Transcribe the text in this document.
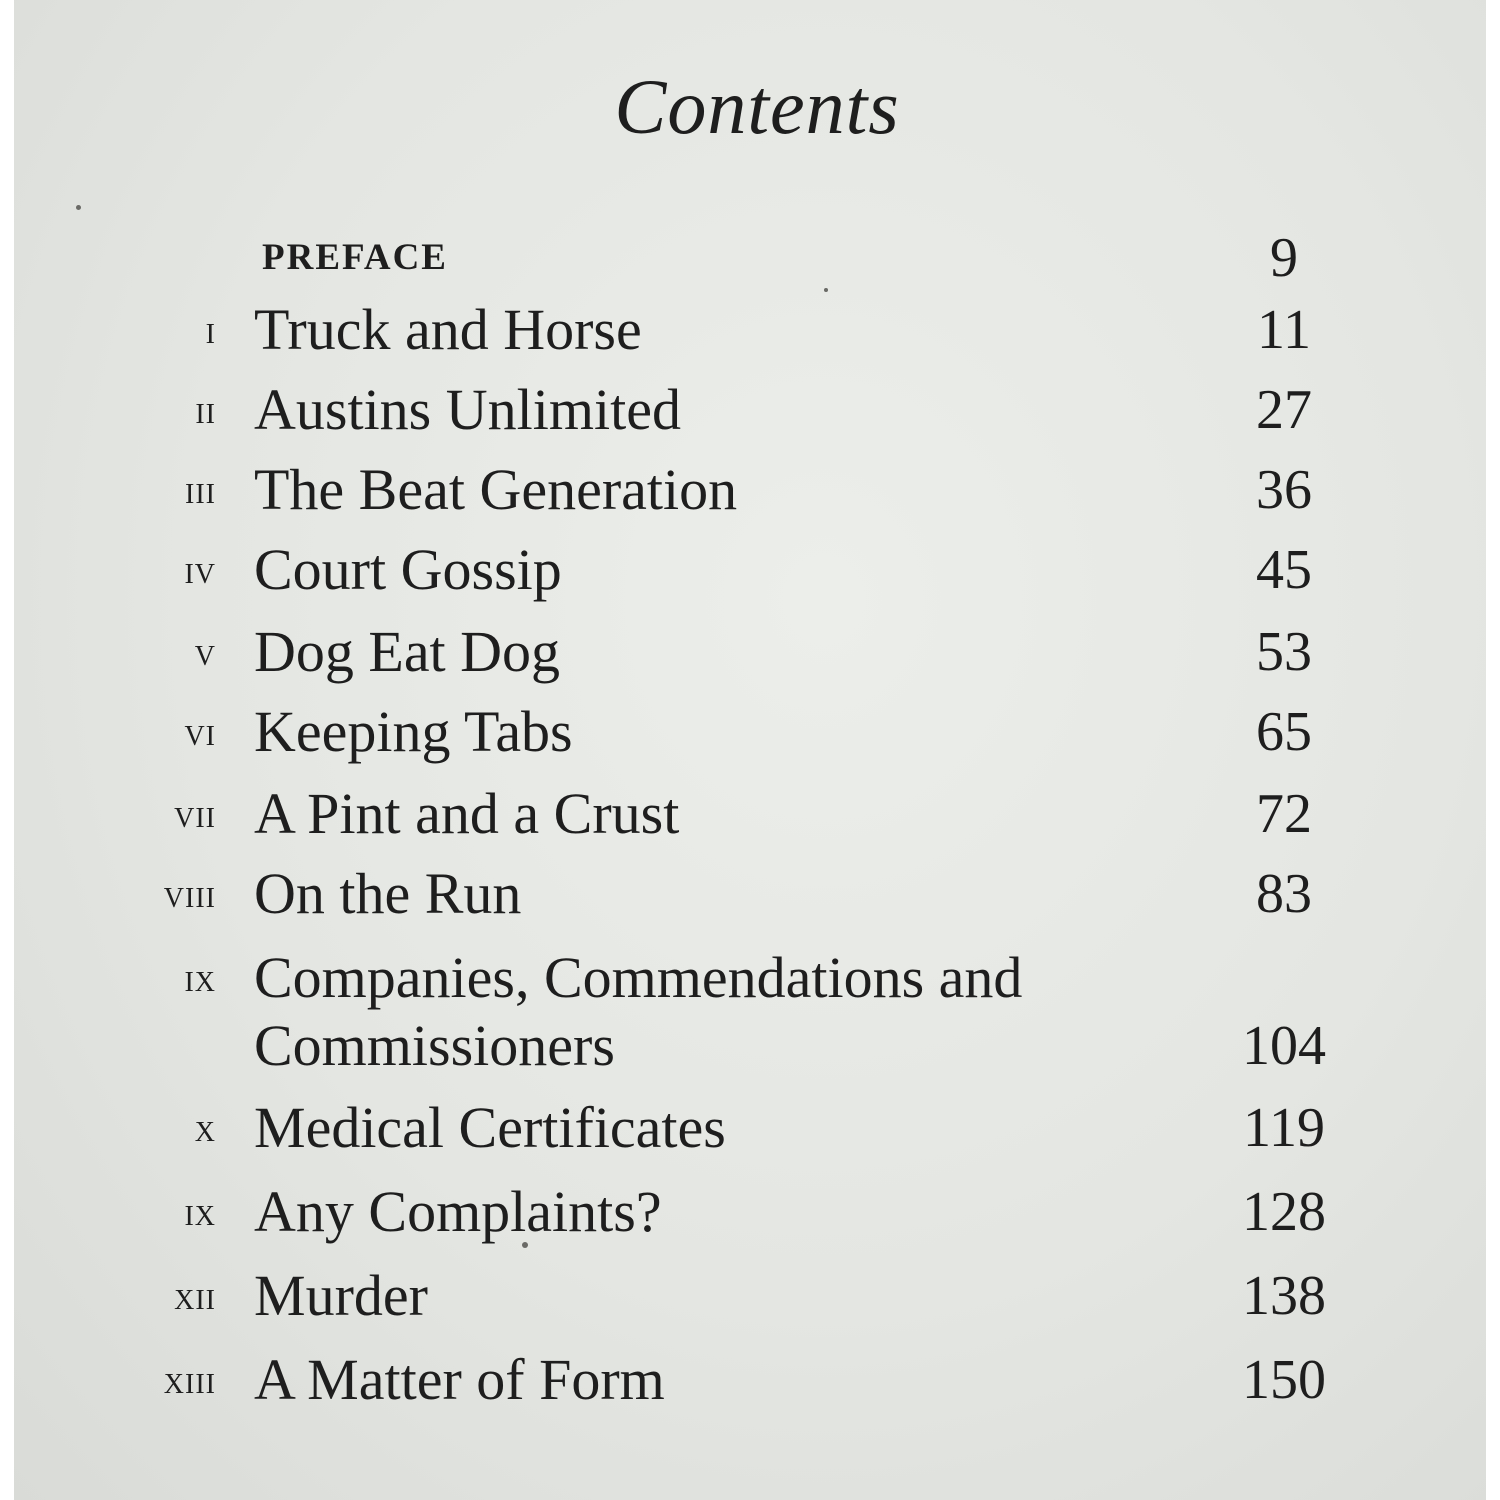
Contents
PREFACE	9
i Truck and Horse	11
ii Austins Unlimited	27
iii The Beat Generation	36
iv Court Gossip	45
v Dog Eat Dog	53
vi Keeping Tabs	65
vii A Pint and a Crust	72
viii On the Run	83
ix Companies, Commendations and
Commissioners	104
x Medical Certificates	119
ix Any Complaints?	128
xii Murder	138
xiii A Matter of Form	150
